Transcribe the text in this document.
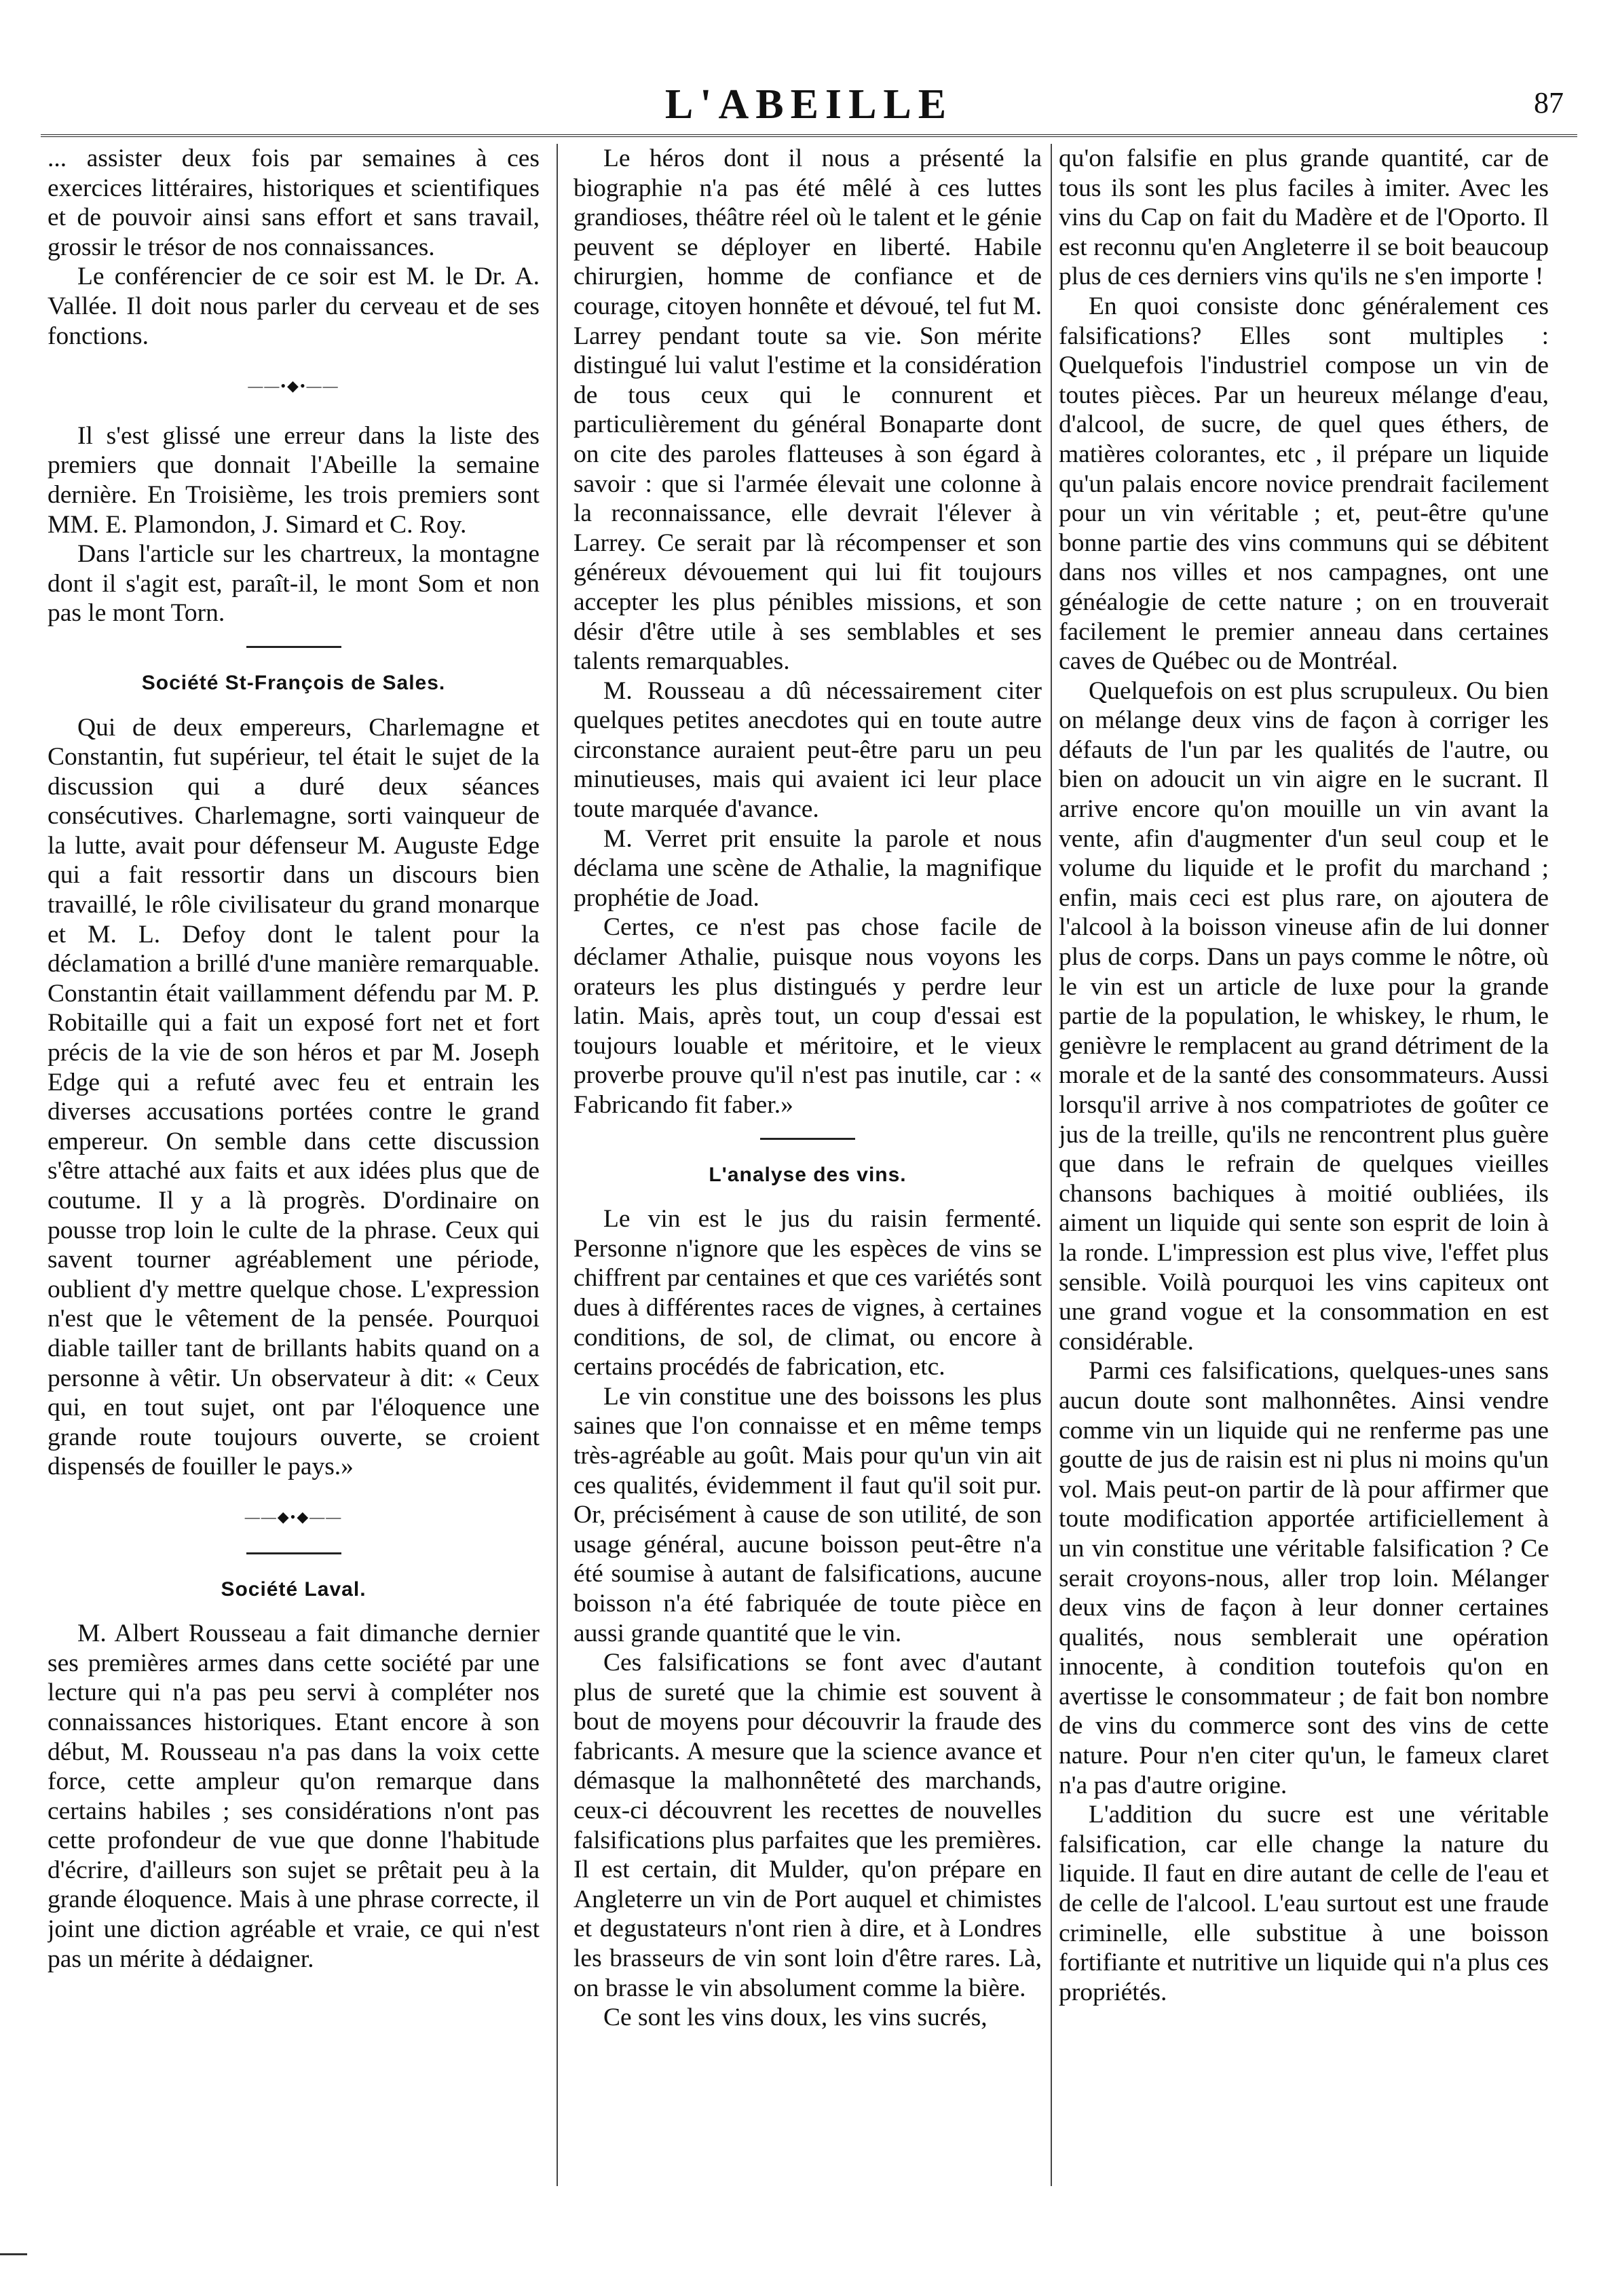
L'ABEILLE	87

... assister deux fois par semaines à ces exercices littéraires, historiques et scientifiques et de pouvoir ainsi sans effort et sans travail, grossir le trésor de nos connaissances.

Le conférencier de ce soir est M. le Dr. A. Vallée. Il doit nous parler du cerveau et de ses fonctions.

——•◆•——

Il s'est glissé une erreur dans la liste des premiers que donnait l'Abeille la semaine dernière. En Troisième, les trois premiers sont MM. E. Plamondon, J. Simard et C. Roy.

Dans l'article sur les chartreux, la montagne dont il s'agit est, paraît-il, le mont Som et non pas le mont Torn.

Société St-François de Sales.

Qui de deux empereurs, Charlemagne et Constantin, fut supérieur, tel était le sujet de la discussion qui a duré deux séances consécutives. Charlemagne, sorti vainqueur de la lutte, avait pour défenseur M. Auguste Edge qui a fait ressortir dans un discours bien travaillé, le rôle civilisateur du grand monarque et M. L. Defoy dont le talent pour la déclamation a brillé d'une manière remarquable. Constantin était vaillamment défendu par M. P. Robitaille qui a fait un exposé fort net et fort précis de la vie de son héros et par M. Joseph Edge qui a refuté avec feu et entrain les diverses accusations portées contre le grand empereur. On semble dans cette discussion s'être attaché aux faits et aux idées plus que de coutume. Il y a là progrès. D'ordinaire on pousse trop loin le culte de la phrase. Ceux qui savent tourner agréablement une période, oublient d'y mettre quelque chose. L'expression n'est que le vêtement de la pensée. Pourquoi diable tailler tant de brillants habits quand on a personne à vêtir. Un observateur à dit: « Ceux qui, en tout sujet, ont par l'éloquence une grande route toujours ouverte, se croient dispensés de fouiller le pays.»

——◆•◆——
Société Laval.

M. Albert Rousseau a fait dimanche dernier ses premières armes dans cette société par une lecture qui n'a pas peu servi à compléter nos connaissances historiques. Etant encore à son début, M. Rousseau n'a pas dans la voix cette force, cette ampleur qu'on remarque dans certains habiles ; ses considérations n'ont pas cette profondeur de vue que donne l'habitude d'écrire, d'ailleurs son sujet se prêtait peu à la grande éloquence. Mais à une phrase correcte, il joint une diction agréable et vraie, ce qui n'est pas un mérite à dédaigner.

Le héros dont il nous a présenté la biographie n'a pas été mêlé à ces luttes grandioses, théâtre réel où le talent et le génie peuvent se déployer en liberté. Habile chirurgien, homme de confiance et de courage, citoyen honnête et dévoué, tel fut M. Larrey pendant toute sa vie. Son mérite distingué lui valut l'estime et la considération de tous ceux qui le connurent et particulièrement du général Bonaparte dont on cite des paroles flatteuses à son égard à savoir : que si l'armée élevait une colonne à la reconnaissance, elle devrait l'élever à Larrey. Ce serait par là récompenser et son généreux dévouement qui lui fit toujours accepter les plus pénibles missions, et son désir d'être utile à ses semblables et ses talents remarquables.

M. Rousseau a dû nécessairement citer quelques petites anecdotes qui en toute autre circonstance auraient peut-être paru un peu minutieuses, mais qui avaient ici leur place toute marquée d'avance.

M. Verret prit ensuite la parole et nous déclama une scène de Athalie, la magnifique prophétie de Joad.

Certes, ce n'est pas chose facile de déclamer Athalie, puisque nous voyons les orateurs les plus distingués y perdre leur latin. Mais, après tout, un coup d'essai est toujours louable et méritoire, et le vieux proverbe prouve qu'il n'est pas inutile, car : « Fabricando fit faber.»

L'analyse des vins.

Le vin est le jus du raisin fermenté. Personne n'ignore que les espèces de vins se chiffrent par centaines et que ces variétés sont dues à différentes races de vignes, à certaines conditions, de sol, de climat, ou encore à certains procédés de fabrication, etc.

Le vin constitue une des boissons les plus saines que l'on connaisse et en même temps très-agréable au goût. Mais pour qu'un vin ait ces qualités, évidemment il faut qu'il soit pur. Or, précisément à cause de son utilité, de son usage général, aucune boisson peut-être n'a été soumise à autant de falsifications, aucune boisson n'a été fabriquée de toute pièce en aussi grande quantité que le vin.

Ces falsifications se font avec d'autant plus de sureté que la chimie est souvent à bout de moyens pour découvrir la fraude des fabricants. A mesure que la science avance et démasque la malhonnêteté des marchands, ceux-ci découvrent les recettes de nouvelles falsifications plus parfaites que les premières. Il est certain, dit Mulder, qu'on prépare en Angleterre un vin de Port auquel et chimistes et degustateurs n'ont rien à dire, et à Londres les brasseurs de vin sont loin d'être rares. Là, on brasse le vin absolument comme la bière.

Ce sont les vins doux, les vins sucrés,

qu'on falsifie en plus grande quantité, car de tous ils sont les plus faciles à imiter. Avec les vins du Cap on fait du Madère et de l'Oporto. Il est reconnu qu'en Angleterre il se boit beaucoup plus de ces derniers vins qu'ils ne s'en importe !

En quoi consiste donc généralement ces falsifications? Elles sont multiples : Quelquefois l'industriel compose un vin de toutes pièces. Par un heureux mélange d'eau, d'alcool, de sucre, de quel ques éthers, de matières colorantes, etc , il prépare un liquide qu'un palais encore novice prendrait facilement pour un vin véritable ; et, peut-être qu'une bonne partie des vins communs qui se débitent dans nos villes et nos campagnes, ont une généalogie de cette nature ; on en trouverait facilement le premier anneau dans certaines caves de Québec ou de Montréal.

Quelquefois on est plus scrupuleux. Ou bien on mélange deux vins de façon à corriger les défauts de l'un par les qualités de l'autre, ou bien on adoucit un vin aigre en le sucrant. Il arrive encore qu'on mouille un vin avant la vente, afin d'augmenter d'un seul coup et le volume du liquide et le profit du marchand ; enfin, mais ceci est plus rare, on ajoutera de l'alcool à la boisson vineuse afin de lui donner plus de corps. Dans un pays comme le nôtre, où le vin est un article de luxe pour la grande partie de la population, le whiskey, le rhum, le genièvre le remplacent au grand détriment de la morale et de la santé des consommateurs. Aussi lorsqu'il arrive à nos compatriotes de goûter ce jus de la treille, qu'ils ne rencontrent plus guère que dans le refrain de quelques vieilles chansons bachiques à moitié oubliées, ils aiment un liquide qui sente son esprit de loin à la ronde. L'impression est plus vive, l'effet plus sensible. Voilà pourquoi les vins capiteux ont une grand vogue et la consommation en est considérable.

Parmi ces falsifications, quelques-unes sans aucun doute sont malhonnêtes. Ainsi vendre comme vin un liquide qui ne renferme pas une goutte de jus de raisin est ni plus ni moins qu'un vol. Mais peut-on partir de là pour affirmer que toute modification apportée artificiellement à un vin constitue une véritable falsification ? Ce serait croyons-nous, aller trop loin. Mélanger deux vins de façon à leur donner certaines qualités, nous semblerait une opération innocente, à condition toutefois qu'on en avertisse le consommateur ; de fait bon nombre de vins du commerce sont des vins de cette nature. Pour n'en citer qu'un, le fameux claret n'a pas d'autre origine.

L'addition du sucre est une véritable falsification, car elle change la nature du liquide. Il faut en dire autant de celle de l'eau et de celle de l'alcool. L'eau surtout est une fraude criminelle, elle substitue à une boisson fortifiante et nutritive un liquide qui n'a plus ces propriétés.
